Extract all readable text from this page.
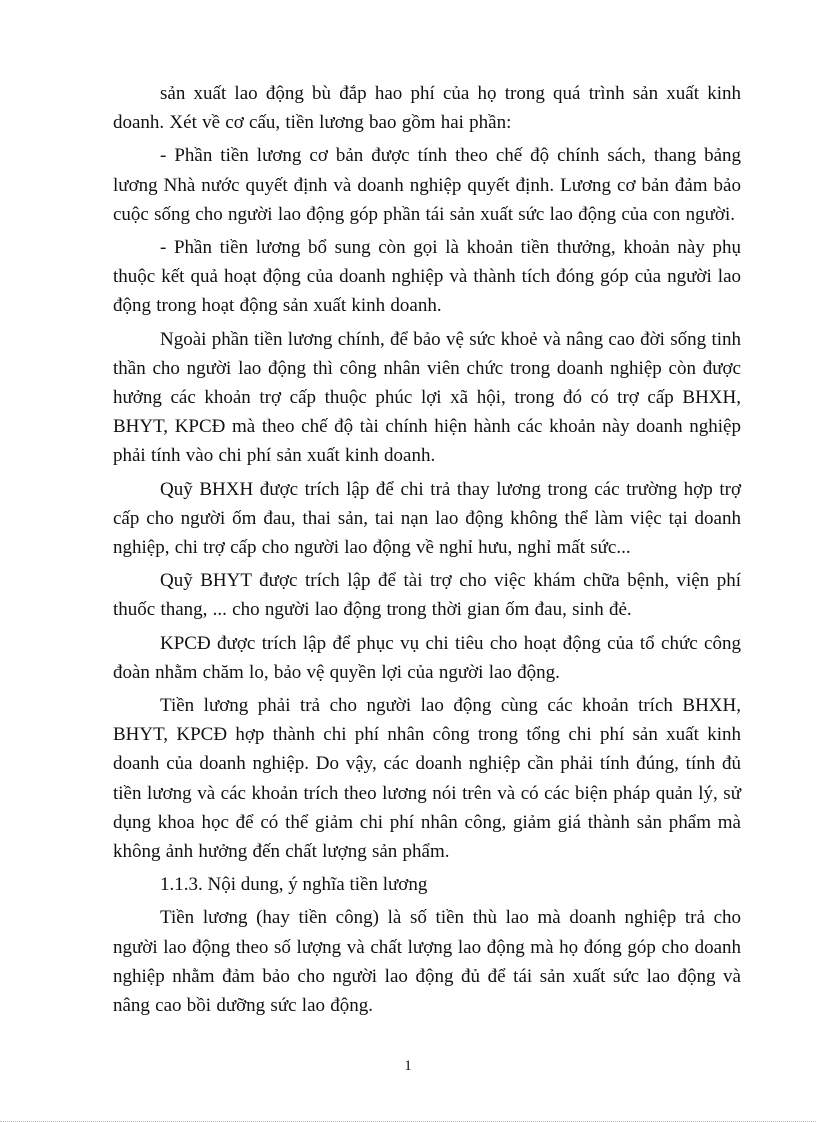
sản xuất lao động bù đắp hao phí của họ trong quá trình sản xuất kinh doanh. Xét về cơ cấu, tiền lương bao gồm hai phần:

- Phần tiền lương cơ bản được tính theo chế độ chính sách, thang bảng lương Nhà nước quyết định và doanh nghiệp quyết định. Lương cơ bản đảm bảo cuộc sống cho người lao động góp phần tái sản xuất sức lao động của con người.

- Phần tiền lương bổ sung còn gọi là khoản tiền thưởng, khoản này phụ thuộc kết quả hoạt động của doanh nghiệp và thành tích đóng góp của người lao động trong hoạt động sản xuất kinh doanh.

Ngoài phần tiền lương chính, để bảo vệ sức khoẻ và nâng cao đời sống tinh thần cho người lao động thì công nhân viên chức trong doanh nghiệp còn được hưởng các khoản trợ cấp thuộc phúc lợi xã hội, trong đó có trợ cấp BHXH, BHYT, KPCĐ mà theo chế độ tài chính hiện hành các khoản này doanh nghiệp phải tính vào chi phí sản xuất kinh doanh.

Quỹ BHXH được trích lập để chi trả thay lương trong các trường hợp trợ cấp cho người ốm đau, thai sản, tai nạn lao động không thể làm việc tại doanh nghiệp, chi trợ cấp cho người lao động về nghỉ hưu, nghỉ mất sức...

Quỹ BHYT được trích lập để tài trợ cho việc khám chữa bệnh, viện phí thuốc thang, ... cho người lao động trong thời gian ốm đau, sinh đẻ.

KPCĐ được trích lập để phục vụ chi tiêu cho hoạt động của tổ chức công đoàn nhằm chăm lo, bảo vệ quyền lợi của người lao động.

Tiền lương phải trả cho người lao động cùng các khoản trích BHXH, BHYT, KPCĐ hợp thành chi phí nhân công trong tổng chi phí sản xuất kinh doanh của doanh nghiệp. Do vậy, các doanh nghiệp cần phải tính đúng, tính đủ tiền lương và các khoản trích theo lương nói trên và có các biện pháp quản lý, sử dụng khoa học để có thể giảm chi phí nhân công, giảm giá thành sản phẩm mà không ảnh hưởng đến chất lượng sản phẩm.

1.1.3. Nội dung, ý nghĩa tiền lương

Tiền lương (hay tiền công) là số tiền thù lao mà doanh nghiệp trả cho người lao động theo số lượng và chất lượng lao động mà họ đóng góp cho doanh nghiệp nhằm đảm bảo cho người lao động đủ để tái sản xuất sức lao động và nâng cao bồi dưỡng sức lao động.

1
